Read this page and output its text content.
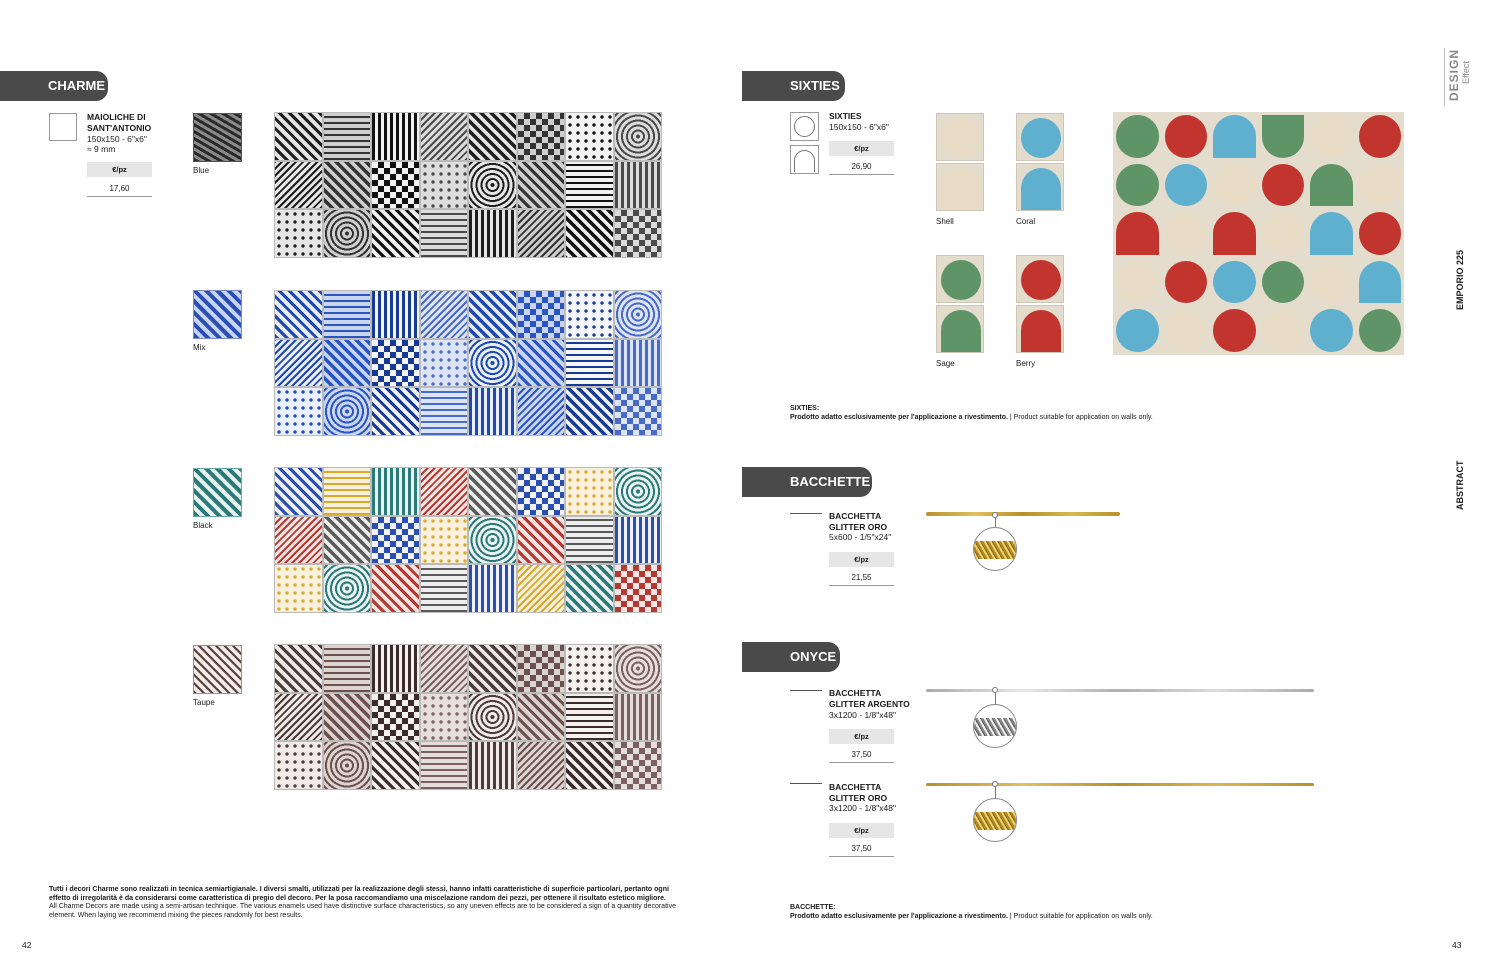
CHARME
MAIOLICHE DI SANT'ANTONIO
150x150 - 6"x6"
≈ 9 mm
€/pz
17,60
Blue
Mix
Black
Taupe
Tutti i decori Charme sono realizzati in tecnica semiartigianale. I diversi smalti, utilizzati per la realizzazione degli stessi, hanno infatti caratteristiche di superficie particolari, pertanto ogni effetto di irregolarità è da considerarsi come caratteristica di pregio del decoro. Per la posa raccomandiamo una miscelazione random dei pezzi, per ottenere il risultato estetico migliore.
All Charme Decors are made using a semi-artisan technique. The various enamels used have distinctive surface characteristics, so any uneven effects are to be considered a sign of a quantity decorative element. When laying we recommend mixing the pieces randomly for best results.
42
SIXTIES
SIXTIES
150x150 - 6"x6"
€/pz
26,90
Shell	Coral
Sage	Berry
SIXTIES:
Prodotto adatto esclusivamente per l'applicazione a rivestimento. | Product suitable for application on walls only.
BACCHETTE
BACCHETTA GLITTER ORO
5x600 - 1/5"x24"
€/pz
21,55
ONYCE
BACCHETTA GLITTER ARGENTO
3x1200 - 1/8"x48"
€/pz
37,50
BACCHETTA GLITTER ORO
3x1200 - 1/8"x48"
€/pz
37,50
BACCHETTE:
Prodotto adatto esclusivamente per l'applicazione a rivestimento. | Product suitable for application on walls only.
43
DESIGN Effect
EMPORIO 225
ABSTRACT
